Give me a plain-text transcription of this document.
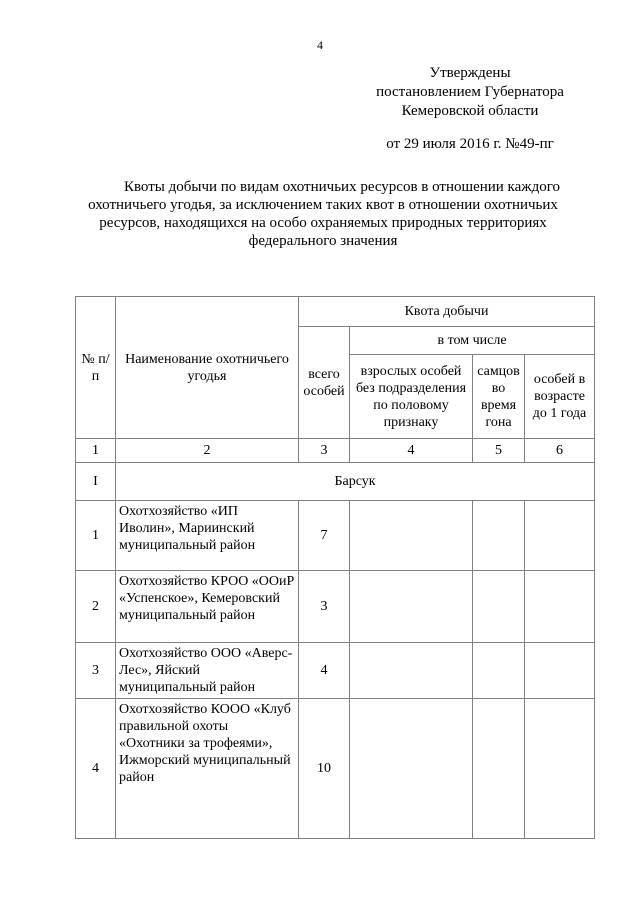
4
Утверждены
постановлением Губернатора
Кемеровской области
от 29 июля 2016 г. №49-пг
Квоты добычи по видам охотничьих ресурсов в отношении каждого охотничьего угодья, за исключением таких квот в отношении охотничьих ресурсов, находящихся на особо охраняемых природных территориях федерального значения
№ п/п	Наименование охотничьего угодья	Квота добычи			
		всего особей	в том числе		
			взрослых особей без подразделения по половому признаку	самцов во время гона	особей в возрасте до 1 года
1	2	3	4	5	6
I	Барсук				
1	Охотхозяйство «ИП Иволин», Мариинский муниципальный район	7			
2	Охотхозяйство КРОО «ООиР «Успенское», Кемеровский муниципальный район	3			
3	Охотхозяйство ООО «Аверс-Лес», Яйский муниципальный район	4			
4	Охотхозяйство КООО «Клуб правильной охоты «Охотники за трофеями», Ижморский муниципальный район	10			
